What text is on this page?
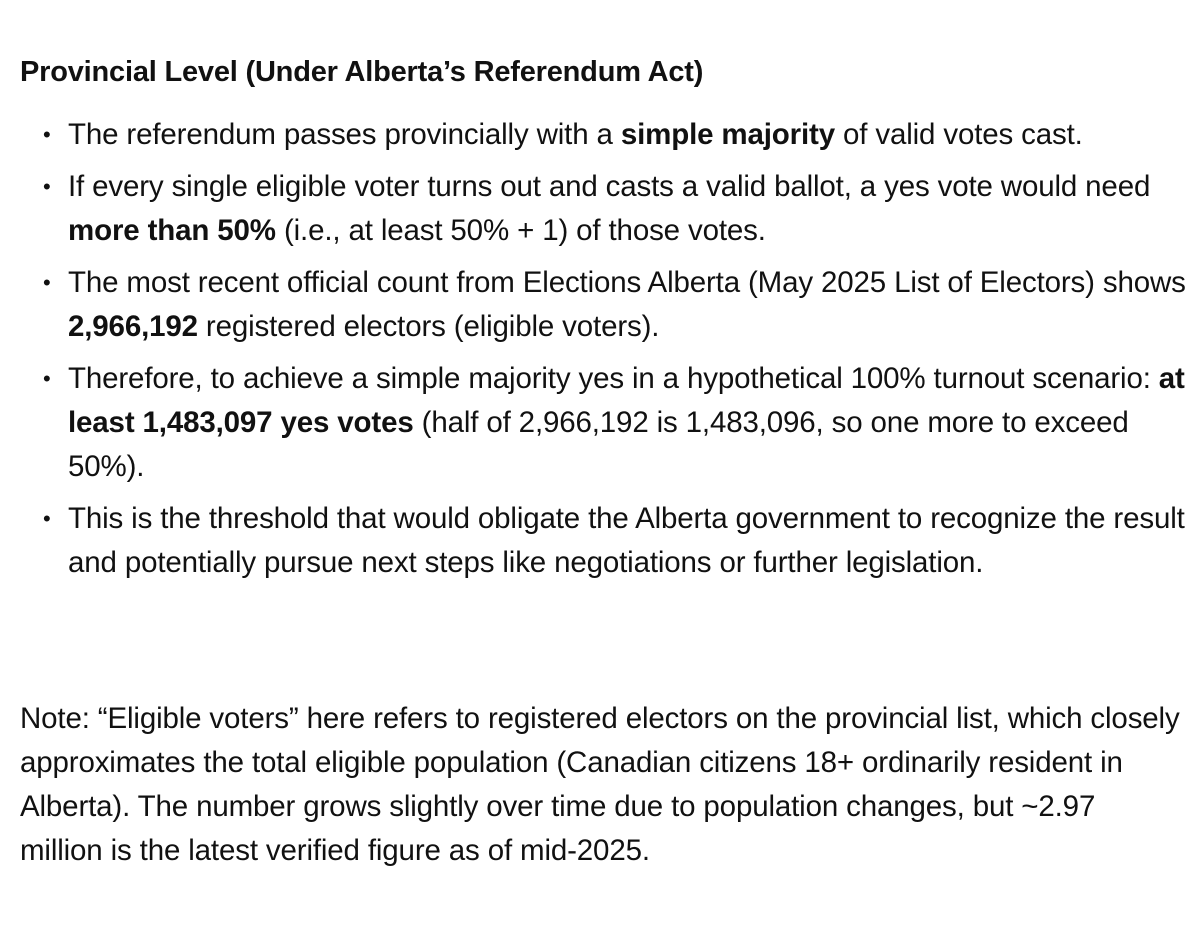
Provincial Level (Under Alberta’s Referendum Act)
• The referendum passes provincially with a simple majority of valid votes cast.
• If every single eligible voter turns out and casts a valid ballot, a yes vote would need more than 50% (i.e., at least 50% + 1) of those votes.
• The most recent official count from Elections Alberta (May 2025 List of Electors) shows 2,966,192 registered electors (eligible voters).
• Therefore, to achieve a simple majority yes in a hypothetical 100% turnout scenario: at least 1,483,097 yes votes (half of 2,966,192 is 1,483,096, so one more to exceed 50%).
• This is the threshold that would obligate the Alberta government to recognize the result and potentially pursue next steps like negotiations or further legislation.

Note: “Eligible voters” here refers to registered electors on the provincial list, which closely approximates the total eligible population (Canadian citizens 18+ ordinarily resident in Alberta). The number grows slightly over time due to population changes, but ~2.97 million is the latest verified figure as of mid-2025.
